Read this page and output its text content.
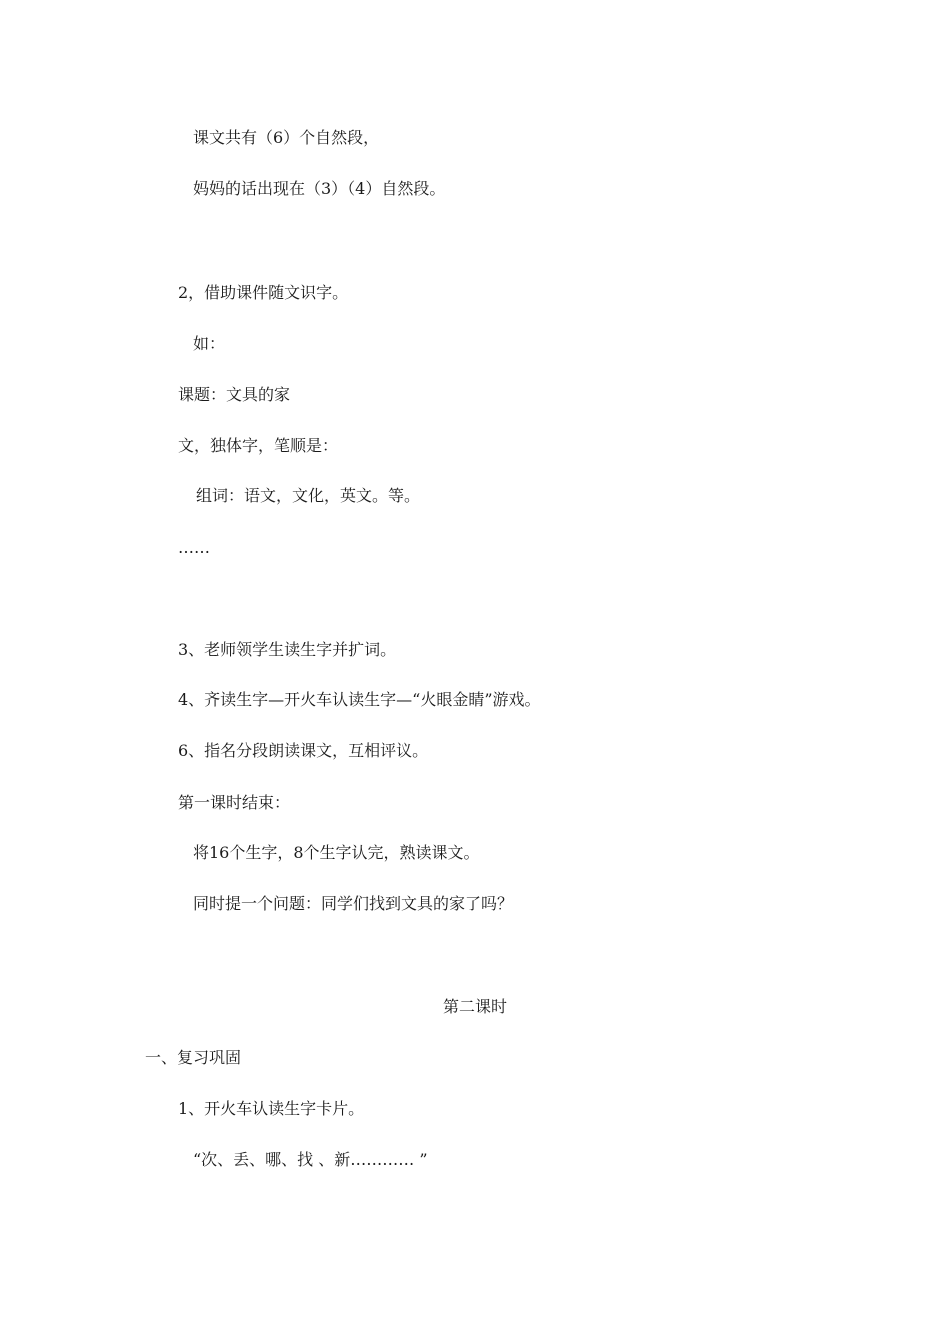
课文共有（6）个自然段，

妈妈的话出现在（3）（4）自然段。

2，借助课件随文识字。

如：

课题：文具的家

文，独体字，笔顺是：

组词：语文，文化，英文。等。

……

3、老师领学生读生字并扩词。

4、齐读生字—开火车认读生字—“火眼金睛”游戏。

6、指名分段朗读课文，互相评议。

第一课时结束：

将16个生字，8个生字认完，熟读课文。

同时提一个问题：同学们找到文具的家了吗？

第二课时

一、复习巩固

1、开火车认读生字卡片。

“次、丢、哪、找 、新………… ”
